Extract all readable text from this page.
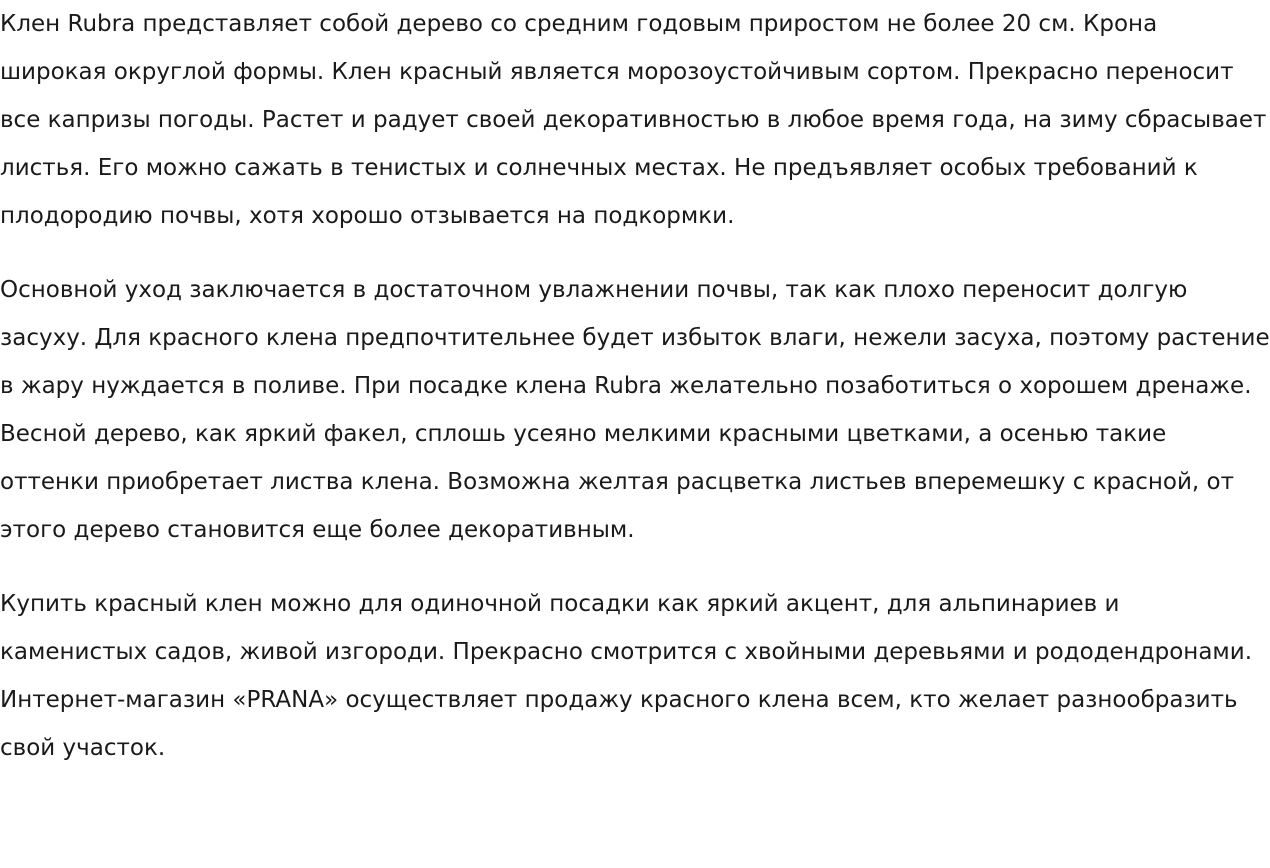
Клен Rubra представляет собой дерево со средним годовым приростом не более 20 см. Крона широкая округлой формы. Клен красный является морозоустойчивым сортом. Прекрасно переносит все капризы погоды. Растет и радует своей декоративностью в любое время года, на зиму сбрасывает листья. Его можно сажать в тенистых и солнечных местах. Не предъявляет особых требований к плодородию почвы, хотя хорошо отзывается на подкормки.

Основной уход заключается в достаточном увлажнении почвы, так как плохо переносит долгую засуху. Для красного клена предпочтительнее будет избыток влаги, нежели засуха, поэтому растение в жару нуждается в поливе. При посадке клена Rubra желательно позаботиться о хорошем дренаже. Весной дерево, как яркий факел, сплошь усеяно мелкими красными цветками, а осенью такие оттенки приобретает листва клена. Возможна желтая расцветка листьев вперемешку с красной, от этого дерево становится еще более декоративным.

Купить красный клен можно для одиночной посадки как яркий акцент, для альпинариев и каменистых садов, живой изгороди. Прекрасно смотрится с хвойными деревьями и рододендронами. Интернет-магазин «PRANA» осуществляет продажу красного клена всем, кто желает разнообразить свой участок.
